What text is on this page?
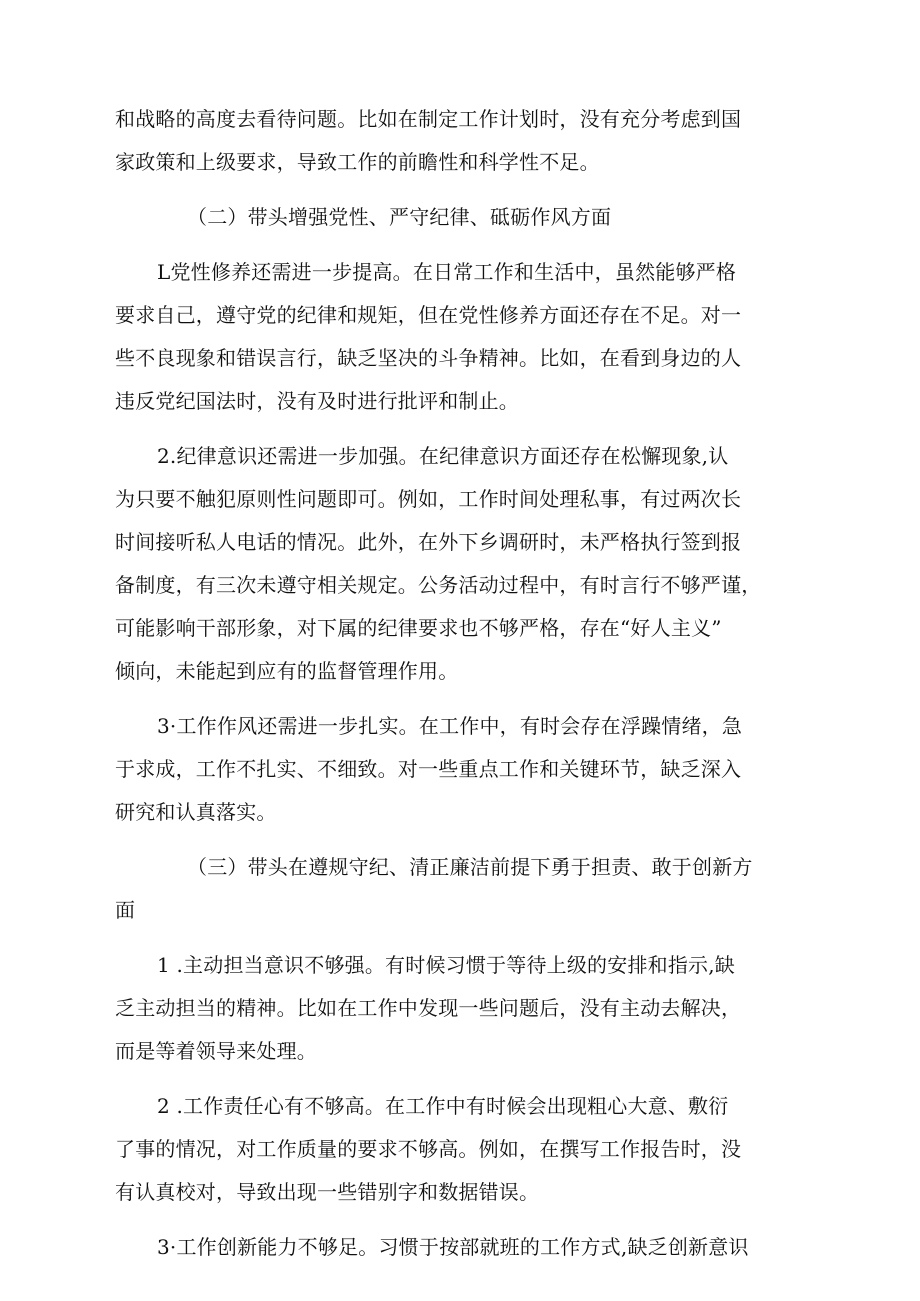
和战略的高度去看待问题。比如在制定工作计划时，没有充分考虑到国
家政策和上级要求，导致工作的前瞻性和科学性不足。
（二）带头增强党性、严守纪律、砥砺作风方面
L党性修养还需进一步提高。在日常工作和生活中，虽然能够严格
要求自己，遵守党的纪律和规矩，但在党性修养方面还存在不足。对一
些不良现象和错误言行，缺乏坚决的斗争精神。比如，在看到身边的人
违反党纪国法时，没有及时进行批评和制止。
2.纪律意识还需进一步加强。在纪律意识方面还存在松懈现象,认
为只要不触犯原则性问题即可。例如，工作时间处理私事，有过两次长
时间接听私人电话的情况。此外，在外下乡调研时，未严格执行签到报
备制度，有三次未遵守相关规定。公务活动过程中，有时言行不够严谨，
可能影响干部形象，对下属的纪律要求也不够严格，存在“好人主义”
倾向，未能起到应有的监督管理作用。
3·工作作风还需进一步扎实。在工作中，有时会存在浮躁情绪，急
于求成，工作不扎实、不细致。对一些重点工作和关键环节，缺乏深入
研究和认真落实。
（三）带头在遵规守纪、清正廉洁前提下勇于担责、敢于创新方
面
1 .主动担当意识不够强。有时候习惯于等待上级的安排和指示,缺
乏主动担当的精神。比如在工作中发现一些问题后，没有主动去解决，
而是等着领导来处理。
2 .工作责任心有不够高。在工作中有时候会出现粗心大意、敷衍
了事的情况，对工作质量的要求不够高。例如，在撰写工作报告时，没
有认真校对，导致出现一些错别字和数据错误。
3·工作创新能力不够足。习惯于按部就班的工作方式,缺乏创新意识
